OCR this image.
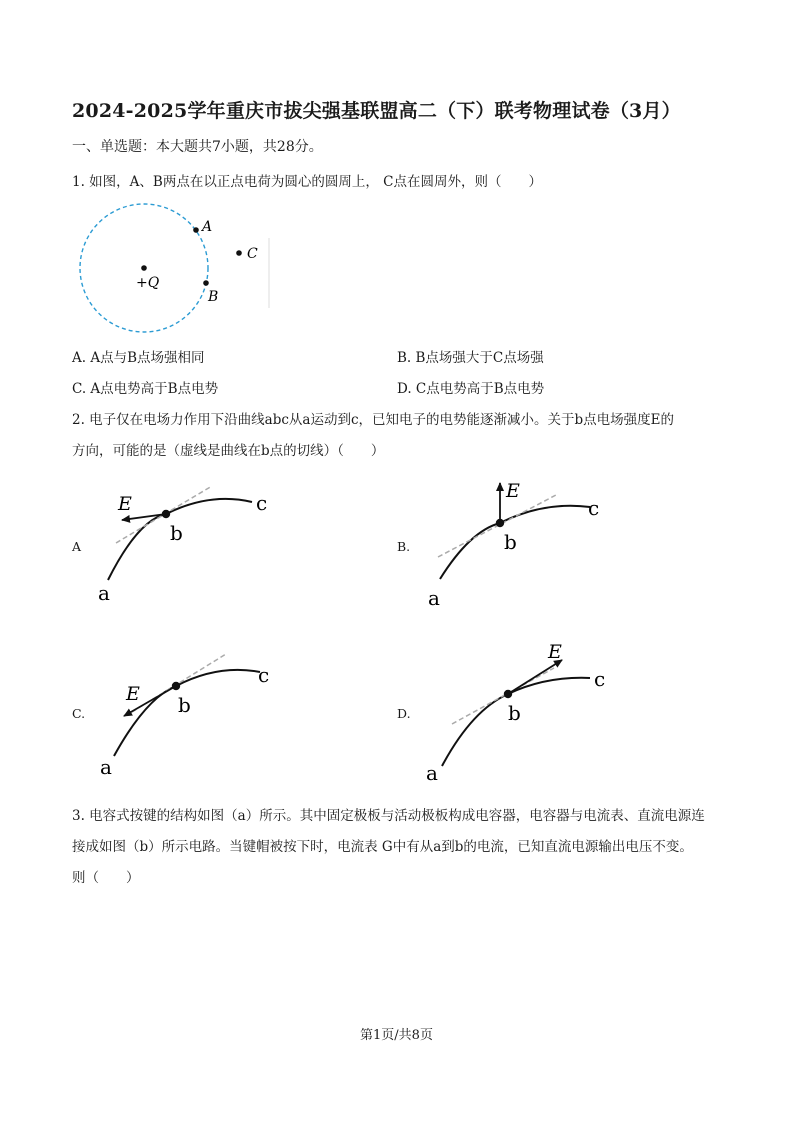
2024-2025学年重庆市拔尖强基联盟高二（下）联考物理试卷（3月）
一、单选题：本大题共7小题，共28分。
1. 如图，A、B两点在以正点电荷为圆心的圆周上， C点在圆周外，则（　　）
+Q
A
B
C
A. A点与B点场强相同	B. B点场强大于C点场强
C. A点电势高于B点电势	D. C点电势高于B点电势
2. 电子仅在电场力作用下沿曲线abc从a运动到c，已知电子的电势能逐渐减小。关于b点电场强度E的
方向，可能的是（虚线是曲线在b点的切线）（　　）
A	B.
C.	D.
E
b
c
a
E
b
c
a
E b
c
a
E
b
c
a
3. 电容式按键的结构如图（a）所示。其中固定极板与活动极板构成电容器，电容器与电流表、直流电源连
接成如图（b）所示电路。当键帽被按下时，电流表 G中有从a到b的电流，已知直流电源输出电压不变。
则（　　）
第1页/共8页
